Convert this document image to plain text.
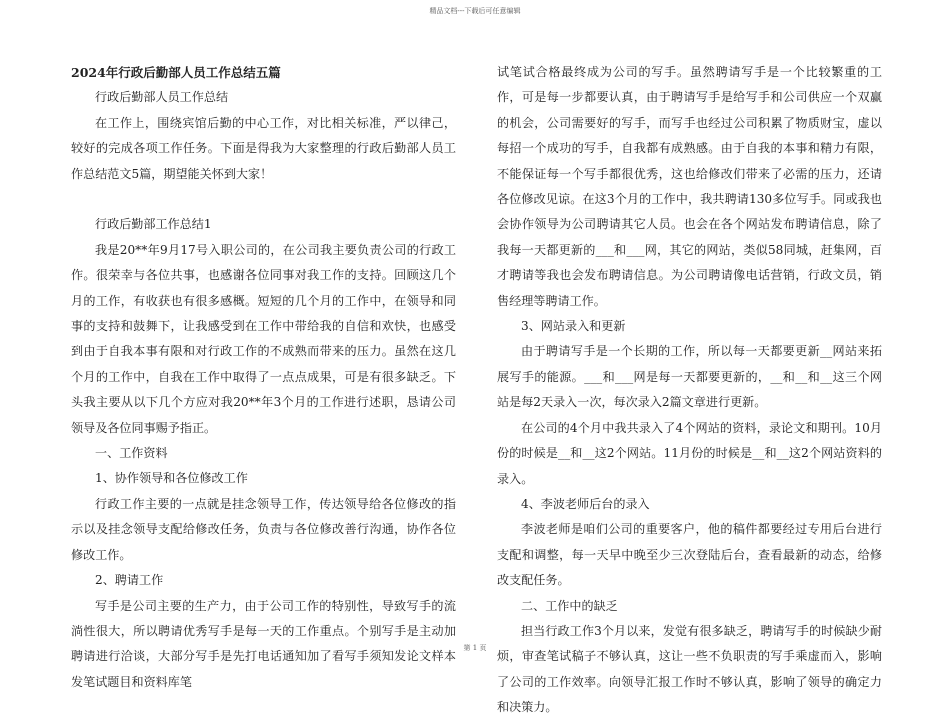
精品文档---下载后可任意编辑

2024年行政后勤部人员工作总结五篇

行政后勤部人员工作总结

在工作上，围绕宾馆后勤的中心工作，对比相关标准，严以律己，较好的完成各项工作任务。下面是得我为大家整理的行政后勤部人员工作总结范文5篇，期望能关怀到大家！

行政后勤部工作总结1

我是20**年9月17号入职公司的，在公司我主要负责公司的行政工作。很荣幸与各位共事，也感谢各位同事对我工作的支持。回顾这几个月的工作，有收获也有很多感概。短短的几个月的工作中，在领导和同事的支持和鼓舞下，让我感受到在工作中带给我的自信和欢快，也感受到由于自我本事有限和对行政工作的不成熟而带来的压力。虽然在这几个月的工作中，自我在工作中取得了一点点成果，可是有很多缺乏。下头我主要从以下几个方应对我20**年3个月的工作进行述职，恳请公司领导及各位同事赐予指正。

一、工作资料

1、协作领导和各位修改工作

行政工作主要的一点就是挂念领导工作，传达领导给各位修改的指示以及挂念领导支配给修改任务，负责与各位修改善行沟通，协作各位修改工作。

2、聘请工作

写手是公司主要的生产力，由于公司工作的特别性，导致写手的流淌性很大，所以聘请优秀写手是每一天的工作重点。个别写手是主动加聘请进行洽谈，大部分写手是先打电话通知加了看写手须知发论文样本发笔试题目和资料库笔

试笔试合格最终成为公司的写手。虽然聘请写手是一个比较繁重的工作，可是每一步都要认真，由于聘请写手是给写手和公司供应一个双赢的机会，公司需要好的写手，而写手也经过公司积累了物质财宝，虚以每招一个成功的写手，自我都有成熟感。由于自我的本事和精力有限，不能保证每一个写手都很优秀，这也给修改们带来了必需的压力，还请各位修改见谅。在这3个月的工作中，我共聘请130多位写手。同或我也会协作领导为公司聘请其它人员。也会在各个网站发布聘请信息，除了我每一天都更新的___和___网，其它的网站，类似58同城，赶集网，百才聘请等我也会发布聘请信息。为公司聘请像电话营销，行政文员，销售经理等聘请工作。

3、网站录入和更新

由于聘请写手是一个长期的工作，所以每一天都要更新__网站来拓展写手的能源。___和___网是每一天都要更新的，__和__和__这三个网站是每2天录入一次，每次录入2篇文章进行更新。

在公司的4个月中我共录入了4个网站的资料，录论文和期刊。10月份的时候是__和__这2个网站。11月份的时候是__和__这2个网站资料的录入。

4、李波老师后台的录入

李波老师是咱们公司的重要客户，他的稿件都要经过专用后台进行支配和调整，每一天早中晚至少三次登陆后台，查看最新的动态，给修改支配任务。

二、工作中的缺乏

担当行政工作3个月以来，发觉有很多缺乏，聘请写手的时候缺少耐烦，审查笔试稿子不够认真，这让一些不负职责的写手乘虚而入，影响了公司的工作效率。向领导汇报工作时不够认真，影响了领导的确定力和决策力。

第 1 页
